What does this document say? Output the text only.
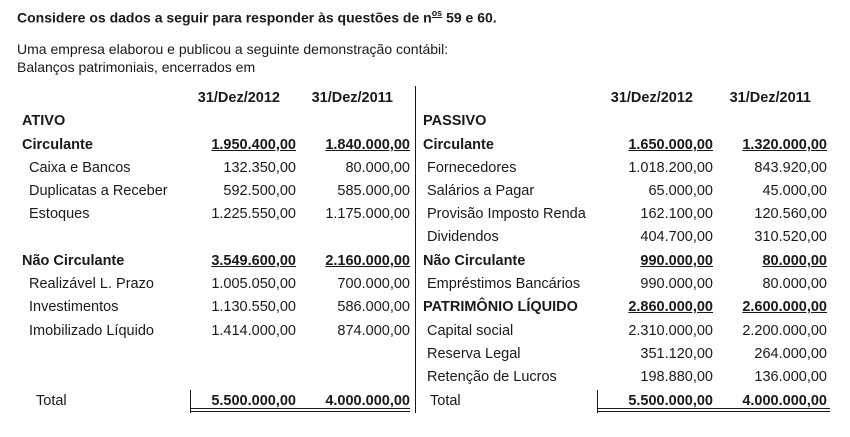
Considere os dados a seguir para responder às questões de $n^{os}$ 59 e 60.
Uma empresa elaborou e publicou a seguinte demonstração contábil:
Balanços patrimoniais, encerrados em
31/Dez/2012	31/Dez/2011
ATIVO
Circulante	1.950.400,00	1.840.000,00
Caixa e Bancos	132.350,00	80.000,00
Duplicatas a Receber	592.500,00	585.000,00
Estoques	1.225.550,00	1.175.000,00
Não Circulante	3.549.600,00	2.160.000,00
Realizável L. Prazo	1.005.050,00	700.000,00
Investimentos	1.130.550,00	586.000,00
Imobilizado Líquido	1.414.000,00	874.000,00
Total	5.500.000,00	4.000.000,00
31/Dez/2012	31/Dez/2011
PASSIVO
Circulante	1.650.000,00	1.320.000,00
Fornecedores	1.018.200,00	843.920,00
Salários a Pagar	65.000,00	45.000,00
Provisão Imposto Renda	162.100,00	120.560,00
Dividendos	404.700,00	310.520,00
Não Circulante	990.000,00	80.000,00
Empréstimos Bancários	990.000,00	80.000,00
PATRIMÔNIO LÍQUIDO	2.860.000,00	2.600.000,00
Capital social	2.310.000,00	2.200.000,00
Reserva Legal	351.120,00	264.000,00
Retenção de Lucros	198.880,00	136.000,00
Total	5.500.000,00	4.000.000,00
